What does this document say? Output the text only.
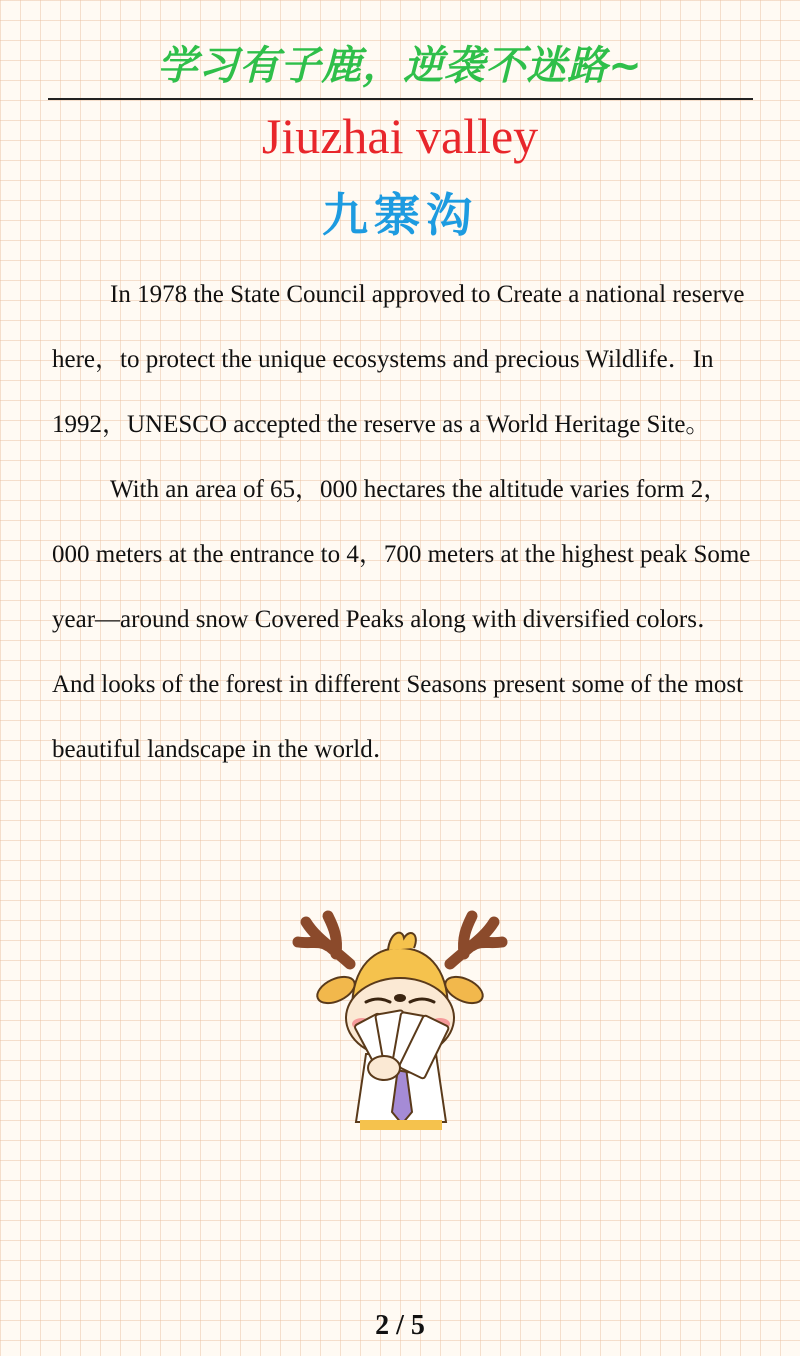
学习有子鹿，逆袭不迷路~
Jiuzhai valley
九寨沟

In 1978 the State Council approved to Create a national reserve here，to protect the unique ecosystems and precious Wildlife．In 1992，UNESCO accepted the reserve as a World Heritage Site。

With an area of 65，000 hectares the altitude varies form 2，000 meters at the entrance to 4，700 meters at the highest peak Some year—around snow Covered Peaks along with diversified colors． And looks of the forest in different Seasons present some of the most beautiful landscape in the world．

2 / 5
